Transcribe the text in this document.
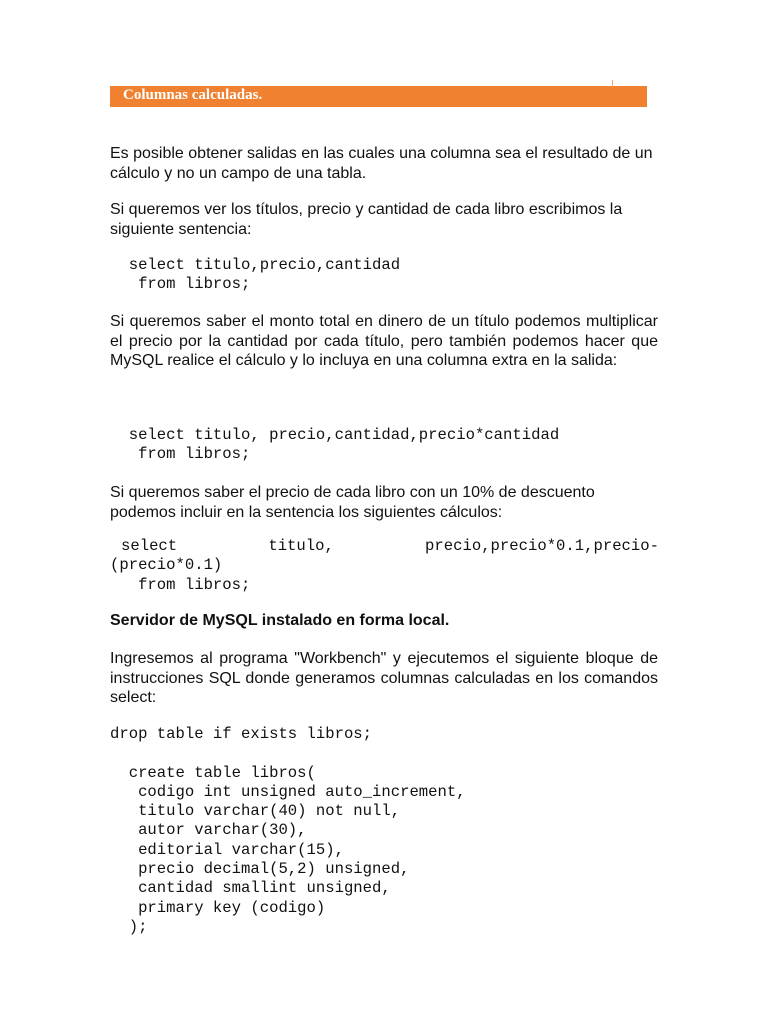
Columnas calculadas.

Es posible obtener salidas en las cuales una columna sea el resultado de un cálculo y no un campo de una tabla.

Si queremos ver los títulos, precio y cantidad de cada libro escribimos la siguiente sentencia:

select titulo,precio,cantidad
from libros;

Si queremos saber el monto total en dinero de un título podemos multiplicar el precio por la cantidad por cada título, pero también podemos hacer que MySQL realice el cálculo y lo incluya en una columna extra en la salida:

select titulo, precio,cantidad,precio*cantidad
from libros;

Si queremos saber el precio de cada libro con un 10% de descuento podemos incluir en la sentencia los siguientes cálculos:

select	titulo,	precio,precio*0.1,precio-
(precio*0.1)
from libros;

Servidor de MySQL instalado en forma local.

Ingresemos al programa "Workbench" y ejecutemos el siguiente bloque de instrucciones SQL donde generamos columnas calculadas en los comandos select:

drop table if exists libros;

create table libros(
codigo int unsigned auto_increment,
titulo varchar(40) not null,
autor varchar(30),
editorial varchar(15),
precio decimal(5,2) unsigned,
cantidad smallint unsigned,
primary key (codigo)
);
